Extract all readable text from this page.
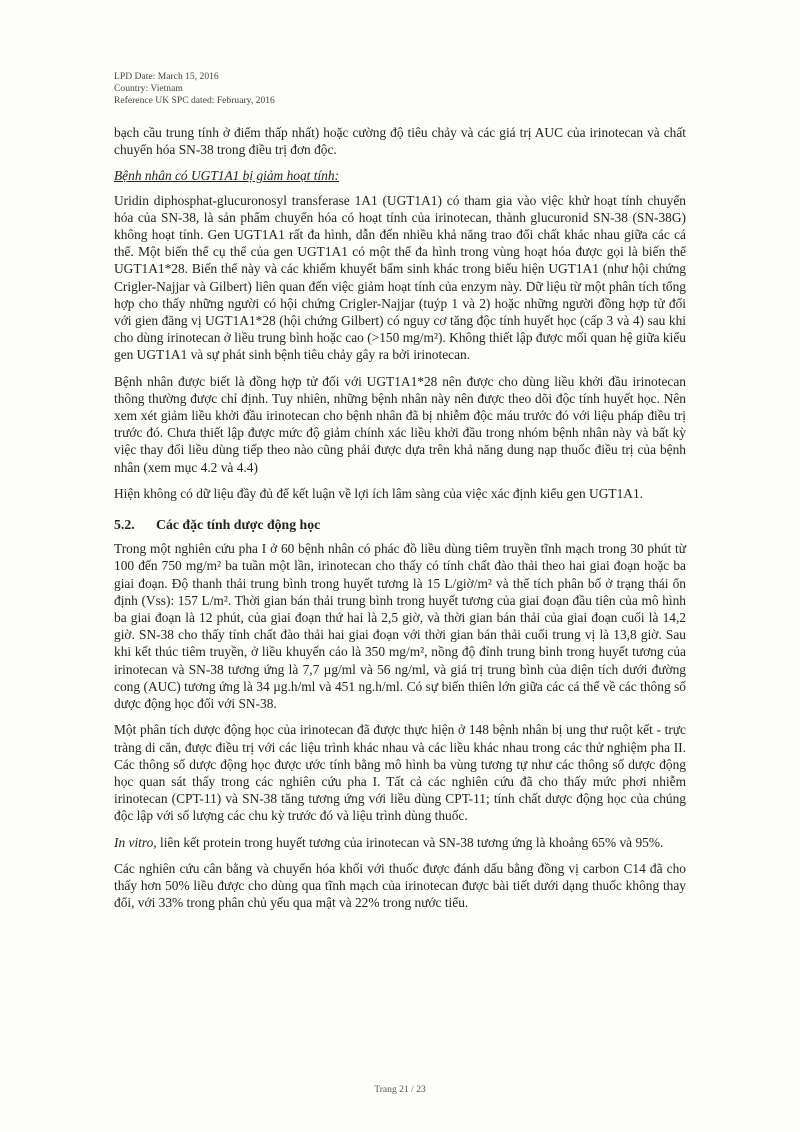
LPD Date: March 15, 2016
Country: Vietnam
Reference UK SPC dated: February, 2016

bạch cầu trung tính ở điểm thấp nhất) hoặc cường độ tiêu chảy và các giá trị AUC của irinotecan và chất chuyển hóa SN-38 trong điều trị đơn độc.

Bệnh nhân có UGT1A1 bị giảm hoạt tính:

Uridin diphosphat-glucuronosyl transferase 1A1 (UGT1A1) có tham gia vào việc khử hoạt tính chuyển hóa của SN-38, là sản phẩm chuyển hóa có hoạt tính của irinotecan, thành glucuronid SN-38 (SN-38G) không hoạt tính. Gen UGT1A1 rất đa hình, dẫn đến nhiều khả năng trao đổi chất khác nhau giữa các cá thể. Một biến thể cụ thể của gen UGT1A1 có một thể đa hình trong vùng hoạt hóa được gọi là biến thể UGT1A1*28. Biến thể này và các khiếm khuyết bẩm sinh khác trong biểu hiện UGT1A1 (như hội chứng Crigler-Najjar và Gilbert) liên quan đến việc giảm hoạt tính của enzym này. Dữ liệu từ một phân tích tổng hợp cho thấy những người có hội chứng Crigler-Najjar (tuýp 1 và 2) hoặc những người đồng hợp tử đối với gien đăng vị UGT1A1*28 (hội chứng Gilbert) có nguy cơ tăng độc tính huyết học (cấp 3 và 4) sau khi cho dùng irinotecan ở liều trung bình hoặc cao (>150 mg/m²). Không thiết lập được mối quan hệ giữa kiểu gen UGT1A1 và sự phát sinh bệnh tiêu chảy gây ra bởi irinotecan.

Bệnh nhân được biết là đồng hợp tử đối với UGT1A1*28 nên được cho dùng liều khởi đầu irinotecan thông thường được chỉ định. Tuy nhiên, những bệnh nhân này nên được theo dõi độc tính huyết học. Nên xem xét giảm liều khởi đầu irinotecan cho bệnh nhân đã bị nhiễm độc máu trước đó với liệu pháp điều trị trước đó. Chưa thiết lập được mức độ giảm chính xác liều khởi đầu trong nhóm bệnh nhân này và bất kỳ việc thay đổi liều dùng tiếp theo nào cũng phải được dựa trên khả năng dung nạp thuốc điều trị của bệnh nhân (xem mục 4.2 và 4.4)

Hiện không có dữ liệu đầy đủ để kết luận về lợi ích lâm sàng của việc xác định kiểu gen UGT1A1.

5.2.	Các đặc tính dược động học

Trong một nghiên cứu pha I ở 60 bệnh nhân có phác đồ liều dùng tiêm truyền tĩnh mạch trong 30 phút từ 100 đến 750 mg/m² ba tuần một lần, irinotecan cho thấy có tính chất đào thải theo hai giai đoạn hoặc ba giai đoạn. Độ thanh thải trung bình trong huyết tương là 15 L/giờ/m² và thể tích phân bố ở trạng thái ổn định (Vss): 157 L/m². Thời gian bán thải trung bình trong huyết tương của giai đoạn đầu tiên của mô hình ba giai đoạn là 12 phút, của giai đoạn thứ hai là 2,5 giờ, và thời gian bán thải của giai đoạn cuối là 14,2 giờ. SN-38 cho thấy tính chất đào thải hai giai đoạn với thời gian bán thải cuối trung vị là 13,8 giờ. Sau khi kết thúc tiêm truyền, ở liều khuyến cáo là 350 mg/m², nồng độ đỉnh trung bình trong huyết tương của irinotecan và SN-38 tương ứng là 7,7 µg/ml và 56 ng/ml, và giá trị trung bình của diện tích dưới đường cong (AUC) tương ứng là 34 µg.h/ml và 451 ng.h/ml. Có sự biến thiên lớn giữa các cá thể về các thông số dược động học đối với SN-38.

Một phân tích dược động học của irinotecan đã được thực hiện ở 148 bệnh nhân bị ung thư ruột kết - trực tràng di căn, được điều trị với các liệu trình khác nhau và các liều khác nhau trong các thử nghiệm pha II. Các thông số dược động học được ước tính bằng mô hình ba vùng tương tự như các thông số dược động học quan sát thấy trong các nghiên cứu pha I. Tất cả các nghiên cứu đã cho thấy mức phơi nhiễm irinotecan (CPT-11) và SN-38 tăng tương ứng với liều dùng CPT-11; tính chất dược động học của chúng độc lập với số lượng các chu kỳ trước đó và liệu trình dùng thuốc.

In vitro, liên kết protein trong huyết tương của irinotecan và SN-38 tương ứng là khoảng 65% và 95%.

Các nghiên cứu cân bằng và chuyển hóa khối với thuốc được đánh dấu bằng đồng vị carbon C14 đã cho thấy hơn 50% liều được cho dùng qua tĩnh mạch của irinotecan được bài tiết dưới dạng thuốc không thay đổi, với 33% trong phân chủ yếu qua mật và 22% trong nước tiểu.

Trang 21 / 23
